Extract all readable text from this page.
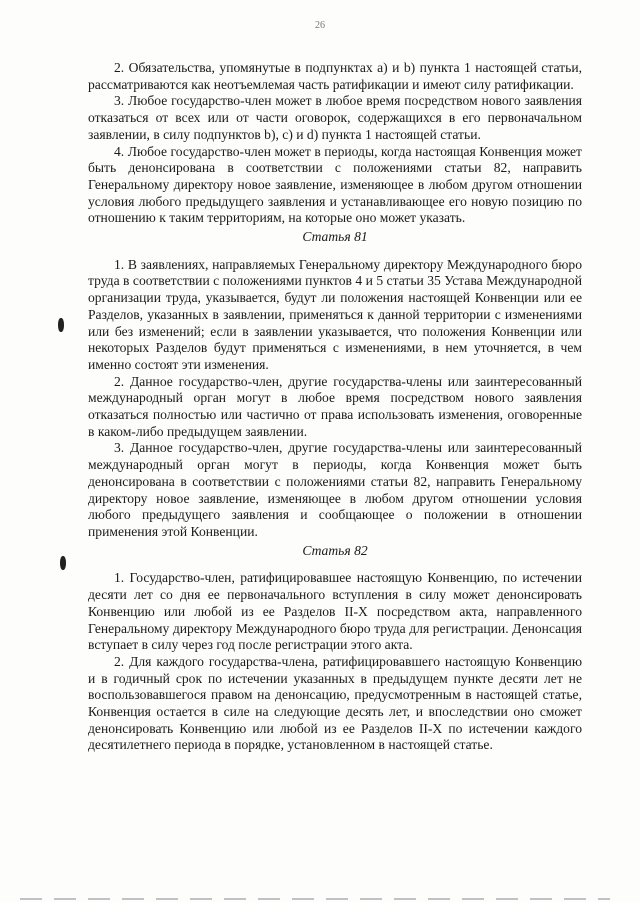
26

2. Обязательства, упомянутые в подпунктах а) и b) пункта 1 настоящей статьи, рассматриваются как неотъемлемая часть ратификации и имеют силу ратификации.

3. Любое государство-член может в любое время посредством нового заявления отказаться от всех или от части оговорок, содержащихся в его первоначальном заявлении, в силу подпунктов b), c) и d) пункта 1 настоящей статьи.

4. Любое государство-член может в периоды, когда настоящая Конвенция может быть денонсирована в соответствии с положениями статьи 82, направить Генеральному директору новое заявление, изменяющее в любом другом отношении условия любого предыдущего заявления и устанавливающее его новую позицию по отношению к таким территориям, на которые оно может указать.

Статья 81

1. В заявлениях, направляемых Генеральному директору Международного бюро труда в соответствии с положениями пунктов 4 и 5 статьи 35 Устава Международной организации труда, указывается, будут ли положения настоящей Конвенции или ее Разделов, указанных в заявлении, применяться к данной территории с изменениями или без изменений; если в заявлении указывается, что положения Конвенции или некоторых Разделов будут применяться с изменениями, в нем уточняется, в чем именно состоят эти изменения.

2. Данное государство-член, другие государства-члены или заинтересованный международный орган могут в любое время посредством нового заявления отказаться полностью или частично от права использовать изменения, оговоренные в каком-либо предыдущем заявлении.

3. Данное государство-член, другие государства-члены или заинтересованный международный орган могут в периоды, когда Конвенция может быть денонсирована в соответствии с положениями статьи 82, направить Генеральному директору новое заявление, изменяющее в любом другом отношении условия любого предыдущего заявления и сообщающее о положении в отношении применения этой Конвенции.

Статья 82

1. Государство-член, ратифицировавшее настоящую Конвенцию, по истечении десяти лет со дня ее первоначального вступления в силу может денонсировать Конвенцию или любой из ее Разделов II-X посредством акта, направленного Генеральному директору Международного бюро труда для регистрации. Денонсация вступает в силу через год после регистрации этого акта.

2. Для каждого государства-члена, ратифицировавшего настоящую Конвенцию и в годичный срок по истечении указанных в предыдущем пункте десяти лет не воспользовавшегося правом на денонсацию, предусмотренным в настоящей статье, Конвенция остается в силе на следующие десять лет, и впоследствии оно сможет денонсировать Конвенцию или любой из ее Разделов II-X по истечении каждого десятилетнего периода в порядке, установленном в настоящей статье.
